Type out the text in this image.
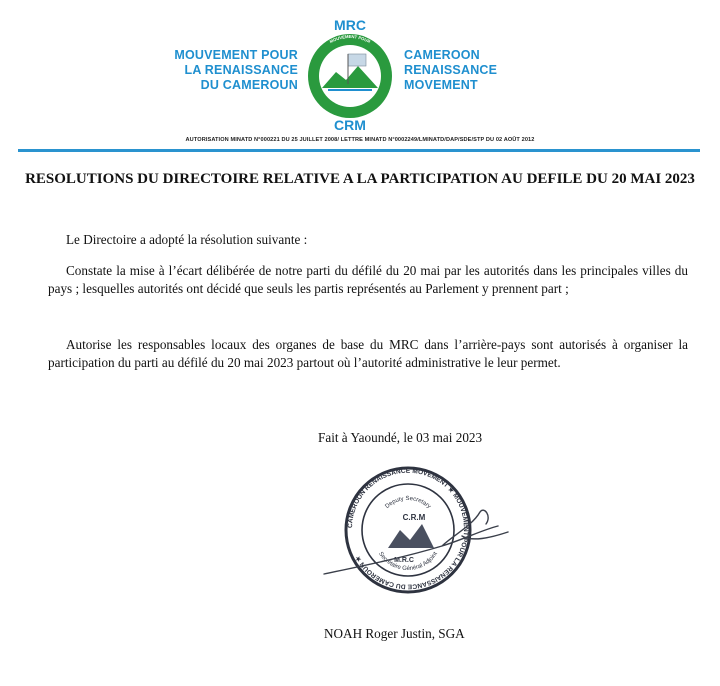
MOUVEMENT POUR
LA RENAISSANCE
DU CAMEROUN
MRC
MOUVEMENT POUR
CAMEROON
CRM
CAMEROON
RENAISSANCE
MOVEMENT
AUTORISATION MINATD N°000221 DU 25 JUILLET 2008/ LETTRE MINATD N°0002249/LMINATD/DAP/SDE/STP DU 02 AOÛT 2012
RESOLUTIONS DU DIRECTOIRE RELATIVE A LA PARTICIPATION AU DEFILE DU 20 MAI 2023
Le Directoire a adopté la résolution suivante :
Constate la mise à l’écart délibérée de notre parti du défilé du 20 mai par les autorités dans les principales villes du pays ; lesquelles autorités ont décidé que seuls les partis représentés au Parlement y prennent part ;
Autorise les responsables locaux des organes de base du MRC dans l’arrière-pays sont autorisés à organiser la participation du parti au défilé du 20 mai 2023 partout où l’autorité administrative le leur permet.
Fait à Yaoundé, le 03 mai 2023
CAMEROON RENAISSANCE MOVEMENT ★ MOUVEMENT POUR LA RENAISSANCE DU CAMEROUN ★
Deputy Secretary
Secrétaire Général Adjoint
C.R.M
M.R.C
NOAH Roger Justin, SGA
